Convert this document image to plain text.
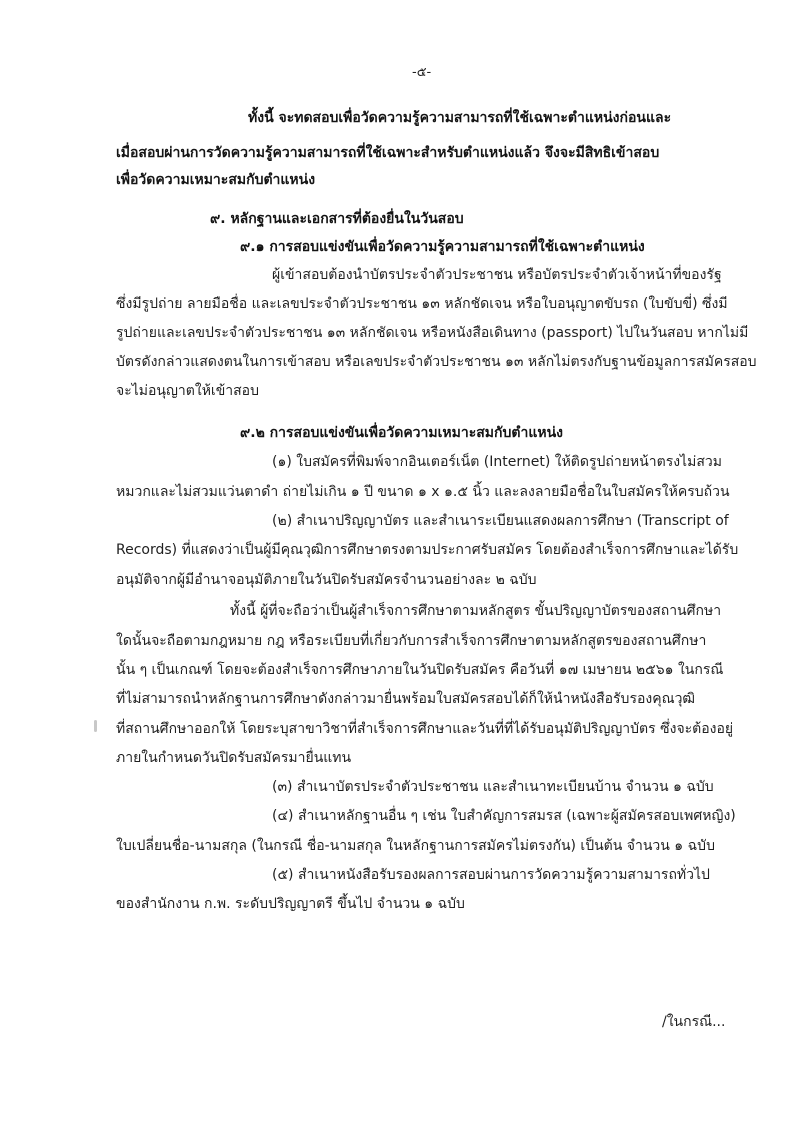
-๕-
ทั้งนี้ จะทดสอบเพื่อวัดความรู้ความสามารถที่ใช้เฉพาะตำแหน่งก่อนและ
เมื่อสอบผ่านการวัดความรู้ความสามารถที่ใช้เฉพาะสำหรับตำแหน่งแล้ว จึงจะมีสิทธิเข้าสอบ
เพื่อวัดความเหมาะสมกับตำแหน่ง
๙. หลักฐานและเอกสารที่ต้องยื่นในวันสอบ
๙.๑ การสอบแข่งขันเพื่อวัดความรู้ความสามารถที่ใช้เฉพาะตำแหน่ง
ผู้เข้าสอบต้องนำบัตรประจำตัวประชาชน หรือบัตรประจำตัวเจ้าหน้าที่ของรัฐ
ซึ่งมีรูปถ่าย ลายมือชื่อ และเลขประจำตัวประชาชน ๑๓ หลักชัดเจน หรือใบอนุญาตขับรถ (ใบขับขี่) ซึ่งมี
รูปถ่ายและเลขประจำตัวประชาชน ๑๓ หลักชัดเจน หรือหนังสือเดินทาง (passport) ไปในวันสอบ หากไม่มี
บัตรดังกล่าวแสดงตนในการเข้าสอบ หรือเลขประจำตัวประชาชน ๑๓ หลักไม่ตรงกับฐานข้อมูลการสมัครสอบ
จะไม่อนุญาตให้เข้าสอบ
๙.๒ การสอบแข่งขันเพื่อวัดความเหมาะสมกับตำแหน่ง
(๑) ใบสมัครที่พิมพ์จากอินเตอร์เน็ต (Internet) ให้ติดรูปถ่ายหน้าตรงไม่สวม
หมวกและไม่สวมแว่นตาดำ ถ่ายไม่เกิน ๑ ปี ขนาด ๑ x ๑.๕ นิ้ว และลงลายมือชื่อในใบสมัครให้ครบถ้วน
(๒) สำเนาปริญญาบัตร และสำเนาระเบียนแสดงผลการศึกษา (Transcript of
Records) ที่แสดงว่าเป็นผู้มีคุณวุฒิการศึกษาตรงตามประกาศรับสมัคร โดยต้องสำเร็จการศึกษาและได้รับ
อนุมัติจากผู้มีอำนาจอนุมัติภายในวันปิดรับสมัครจำนวนอย่างละ ๒ ฉบับ
ทั้งนี้ ผู้ที่จะถือว่าเป็นผู้สำเร็จการศึกษาตามหลักสูตร ขั้นปริญญาบัตรของสถานศึกษา
ใดนั้นจะถือตามกฎหมาย กฎ หรือระเบียบที่เกี่ยวกับการสำเร็จการศึกษาตามหลักสูตรของสถานศึกษา
นั้น ๆ เป็นเกณฑ์ โดยจะต้องสำเร็จการศึกษาภายในวันปิดรับสมัคร คือวันที่ ๑๗ เมษายน ๒๕๖๑ ในกรณี
ที่ไม่สามารถนำหลักฐานการศึกษาดังกล่าวมายื่นพร้อมใบสมัครสอบได้ก็ให้นำหนังสือรับรองคุณวุฒิ
ที่สถานศึกษาออกให้ โดยระบุสาขาวิชาที่สำเร็จการศึกษาและวันที่ที่ได้รับอนุมัติปริญญาบัตร ซึ่งจะต้องอยู่
ภายในกำหนดวันปิดรับสมัครมายื่นแทน
(๓) สำเนาบัตรประจำตัวประชาชน และสำเนาทะเบียนบ้าน จำนวน ๑ ฉบับ
(๔) สำเนาหลักฐานอื่น ๆ เช่น ใบสำคัญการสมรส (เฉพาะผู้สมัครสอบเพศหญิง)
ใบเปลี่ยนชื่อ-นามสกุล (ในกรณี ชื่อ-นามสกุล ในหลักฐานการสมัครไม่ตรงกัน) เป็นต้น จำนวน ๑ ฉบับ
(๕) สำเนาหนังสือรับรองผลการสอบผ่านการวัดความรู้ความสามารถทั่วไป
ของสำนักงาน ก.พ. ระดับปริญญาตรี ขึ้นไป จำนวน ๑ ฉบับ
/ในกรณี...
